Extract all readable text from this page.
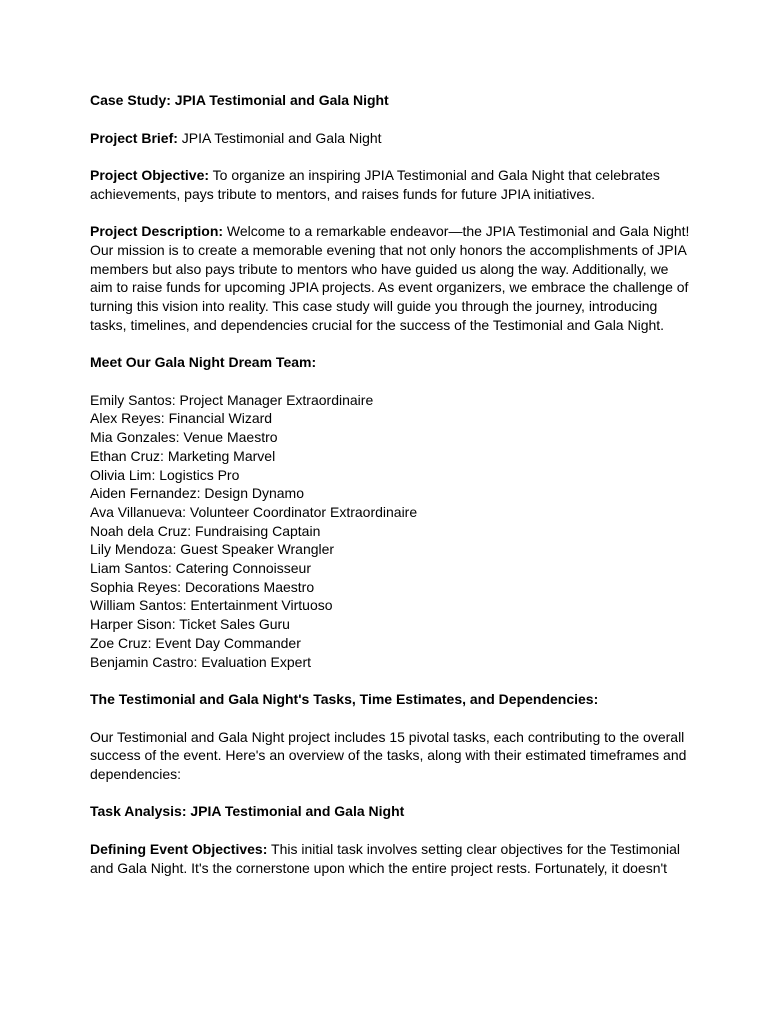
Case Study: JPIA Testimonial and Gala Night

Project Brief: JPIA Testimonial and Gala Night

Project Objective: To organize an inspiring JPIA Testimonial and Gala Night that celebrates achievements, pays tribute to mentors, and raises funds for future JPIA initiatives.

Project Description: Welcome to a remarkable endeavor—the JPIA Testimonial and Gala Night! Our mission is to create a memorable evening that not only honors the accomplishments of JPIA members but also pays tribute to mentors who have guided us along the way. Additionally, we aim to raise funds for upcoming JPIA projects. As event organizers, we embrace the challenge of turning this vision into reality. This case study will guide you through the journey, introducing tasks, timelines, and dependencies crucial for the success of the Testimonial and Gala Night.

Meet Our Gala Night Dream Team:

Emily Santos: Project Manager Extraordinaire
Alex Reyes: Financial Wizard
Mia Gonzales: Venue Maestro
Ethan Cruz: Marketing Marvel
Olivia Lim: Logistics Pro
Aiden Fernandez: Design Dynamo
Ava Villanueva: Volunteer Coordinator Extraordinaire
Noah dela Cruz: Fundraising Captain
Lily Mendoza: Guest Speaker Wrangler
Liam Santos: Catering Connoisseur
Sophia Reyes: Decorations Maestro
William Santos: Entertainment Virtuoso
Harper Sison: Ticket Sales Guru
Zoe Cruz: Event Day Commander
Benjamin Castro: Evaluation Expert

The Testimonial and Gala Night's Tasks, Time Estimates, and Dependencies:

Our Testimonial and Gala Night project includes 15 pivotal tasks, each contributing to the overall success of the event. Here's an overview of the tasks, along with their estimated timeframes and dependencies:

Task Analysis: JPIA Testimonial and Gala Night

Defining Event Objectives: This initial task involves setting clear objectives for the Testimonial and Gala Night. It's the cornerstone upon which the entire project rests. Fortunately, it doesn't
